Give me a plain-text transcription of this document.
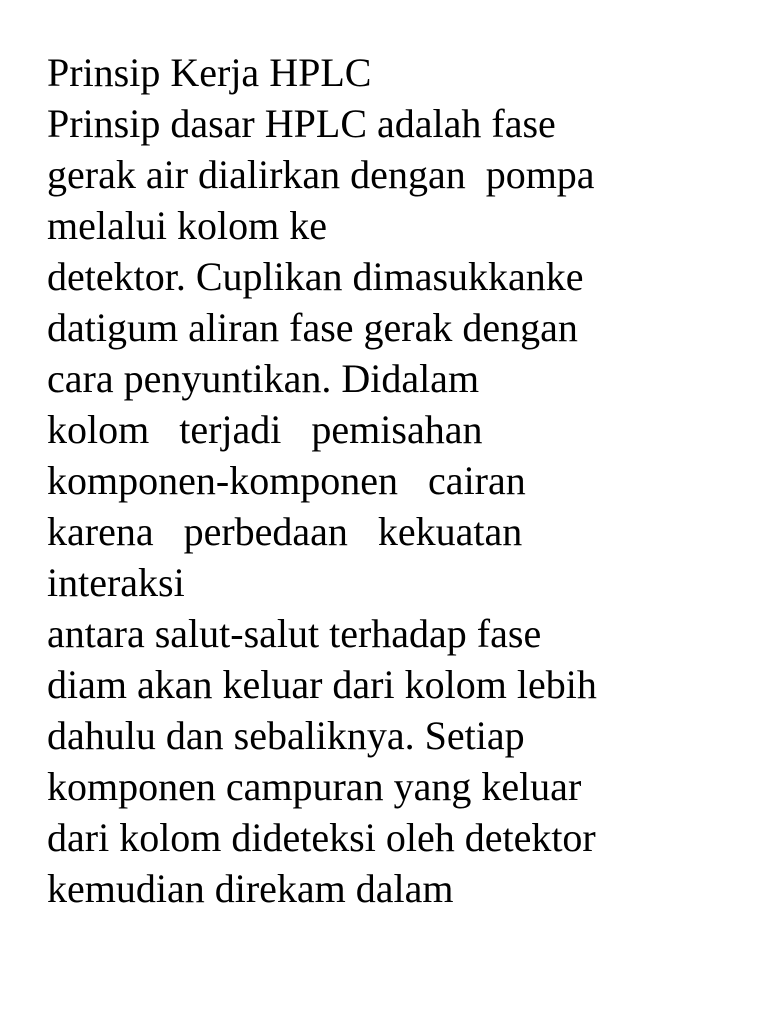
Prinsip Kerja HPLC
Prinsip dasar HPLC adalah fase
gerak air dialirkan dengan  pompa
melalui kolom ke
detektor. Cuplikan dimasukkanke
datigum aliran fase gerak dengan
cara penyuntikan. Didalam
kolom   terjadi   pemisahan
komponen-komponen   cairan
karena   perbedaan   kekuatan
interaksi
antara salut-salut terhadap fase
diam akan keluar dari kolom lebih
dahulu dan sebaliknya. Setiap
komponen campuran yang keluar
dari kolom dideteksi oleh detektor
kemudian direkam dalam
